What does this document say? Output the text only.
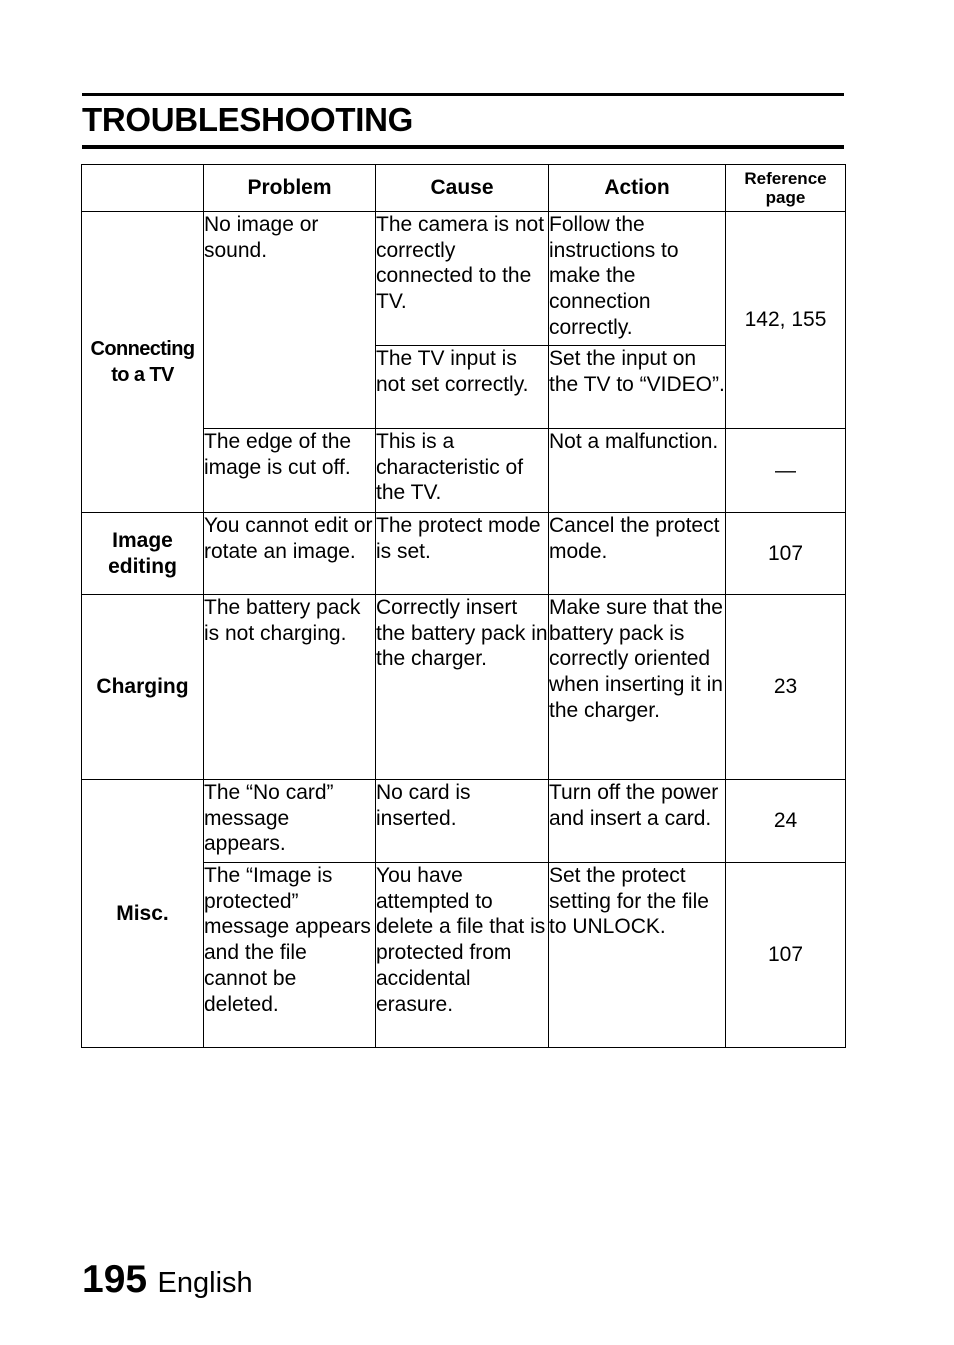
TROUBLESHOOTING
	Problem	Cause	Action	Reference
page
Connecting
to a TV	No image or sound.	The camera is not correctly connected to the TV.	Follow the instructions to make the connection correctly.	142, 155
		The TV input is not set correctly.	Set the input on the TV to “VIDEO”.	
	The edge of the image is cut off.	This is a characteristic of the TV.	Not a malfunction.	—
Image
editing	You cannot edit or rotate an image.	The protect mode is set.	Cancel the protect mode.	107
Charging	The battery pack is not charging.	Correctly insert the battery pack in the charger.	Make sure that the battery pack is correctly oriented when inserting it in the charger.	23
Misc.	The “No card” message appears.	No card is inserted.	Turn off the power and insert a card.	24
	The “Image is protected” message appears and the file cannot be deleted.	You have attempted to delete a file that is protected from accidental erasure.	Set the protect setting for the file to UNLOCK.	107
195 English
